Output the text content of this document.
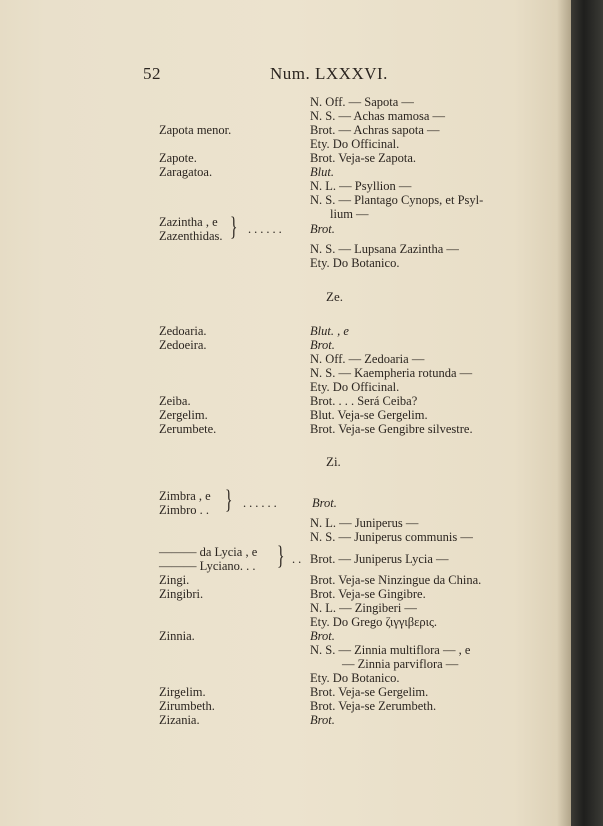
52	Num. LXXXVI.
N. Off. — Sapota —
N. S. — Achas mamosa —
Zapota menor.	Brot. — Achras sapota —
Ety. Do Officinal.
Zapote.	Brot. Veja-se Zapota.
Zaragatoa.	Blut.
N. L. — Psyllion —
N. S. — Plantago Cynops, et Psyl-
lium —
Zazintha , e
Zazenthidas. } ...... Brot.
N. S. — Lupsana Zazintha —
Ety. Do Botanico.
Ze.
Zedoaria.	Blut. , e
Zedoeira.	Brot.
N. Off. — Zedoaria —
N. S. — Kaempheria rotunda —
Ety. Do Officinal.
Zeiba.	Brot. . . . Será Ceiba?
Zergelim.	Blut. Veja-se Gergelim.
Zerumbete.	Brot. Veja-se Gengibre silvestre.
Zi.
Zimbra , e
Zimbro . . } ......	Brot.
N. L. — Juniperus —
N. S. — Juniperus communis —
——— da Lycia , e
——— Lyciano. . . } .. Brot. — Juniperus Lycia —
Zingi.	Brot. Veja-se Ninzingue da China.
Zingibri.	Brot. Veja-se Gingibre.
N. L. — Zingiberi —
Ety. Do Grego ζιγγιβερις.
Zinnia.	Brot.
N. S. — Zinnia multiflora — , e
— Zinnia parviflora —
Ety. Do Botanico.
Zirgelim.	Brot. Veja-se Gergelim.
Zirumbeth.	Brot. Veja-se Zerumbeth.
Zizania.	Brot.
